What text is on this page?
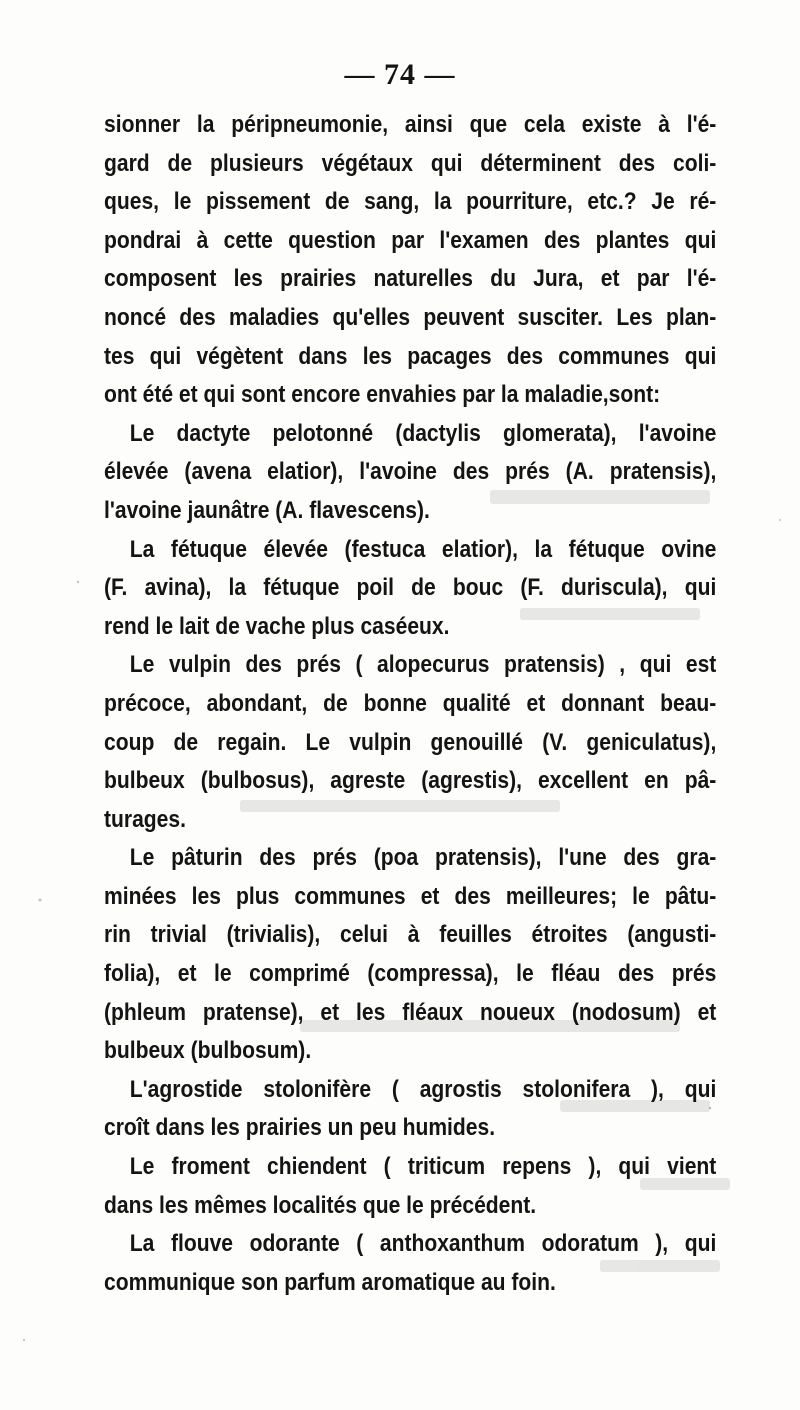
— 74 —

sionner la péripneumonie, ainsi que cela existe à l'é-
gard de plusieurs végétaux qui déterminent des coli-
ques, le pissement de sang, la pourriture, etc.? Je ré-
pondrai à cette question par l'examen des plantes qui
composent les prairies naturelles du Jura, et par l'é-
noncé des maladies qu'elles peuvent susciter. Les plan-
tes qui végètent dans les pacages des communes qui
ont été et qui sont encore envahies par la maladie,sont:

Le dactyte pelotonné (dactylis glomerata), l'avoine
élevée (avena elatior), l'avoine des prés (A. pratensis),
l'avoine jaunâtre (A. flavescens).

La fétuque élevée (festuca elatior), la fétuque ovine
(F. avina), la fétuque poil de bouc (F. duriscula), qui
rend le lait de vache plus caséeux.

Le vulpin des prés ( alopecurus pratensis) , qui est
précoce, abondant, de bonne qualité et donnant beau-
coup de regain. Le vulpin genouillé (V. geniculatus),
bulbeux (bulbosus), agreste (agrestis), excellent en pâ-
turages.

Le pâturin des prés (poa pratensis), l'une des gra-
minées les plus communes et des meilleures; le pâtu-
rin trivial (trivialis), celui à feuilles étroites (angusti-
folia), et le comprimé (compressa), le fléau des prés
(phleum pratense), et les fléaux noueux (nodosum) et
bulbeux (bulbosum).

L'agrostide stolonifère ( agrostis stolonifera ), qui
croît dans les prairies un peu humides.

Le froment chiendent ( triticum repens ), qui vient
dans les mêmes localités que le précédent.

La flouve odorante ( anthoxanthum odoratum ), qui
communique son parfum aromatique au foin.
